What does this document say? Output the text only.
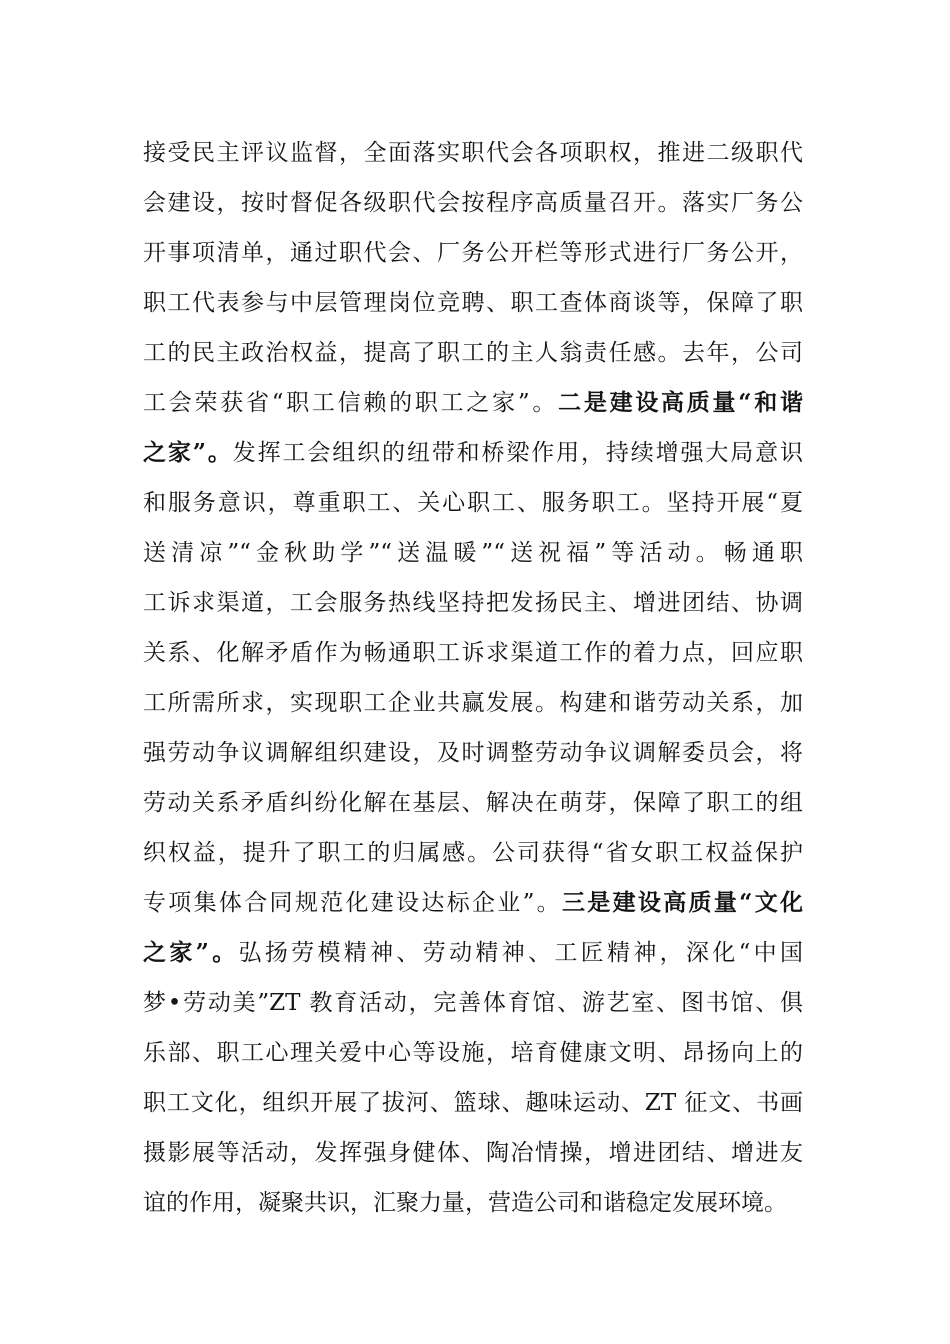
接受民主评议监督，全面落实职代会各项职权，推进二级职代
会建设，按时督促各级职代会按程序高质量召开。落实厂务公
开事项清单，通过职代会、厂务公开栏等形式进行厂务公开，
职工代表参与中层管理岗位竞聘、职工查体商谈等，保障了职
工的民主政治权益，提高了职工的主人翁责任感。去年，公司
工会荣获省“职工信赖的职工之家”。二是建设高质量“和谐
之家”。发挥工会组织的纽带和桥梁作用，持续增强大局意识
和服务意识，尊重职工、关心职工、服务职工。坚持开展“夏
送清凉”“金秋助学”“送温暖”“送祝福”等活动。畅通职
工诉求渠道，工会服务热线坚持把发扬民主、增进团结、协调
关系、化解矛盾作为畅通职工诉求渠道工作的着力点，回应职
工所需所求，实现职工企业共赢发展。构建和谐劳动关系，加
强劳动争议调解组织建设，及时调整劳动争议调解委员会，将
劳动关系矛盾纠纷化解在基层、解决在萌芽，保障了职工的组
织权益，提升了职工的归属感。公司获得“省女职工权益保护
专项集体合同规范化建设达标企业”。三是建设高质量“文化
之家”。弘扬劳模精神、劳动精神、工匠精神，深化“中国
梦•劳动美”ZT 教育活动，完善体育馆、游艺室、图书馆、俱
乐部、职工心理关爱中心等设施，培育健康文明、昂扬向上的
职工文化，组织开展了拔河、篮球、趣味运动、ZT 征文、书画
摄影展等活动，发挥强身健体、陶冶情操，增进团结、增进友
谊的作用，凝聚共识，汇聚力量，营造公司和谐稳定发展环境。
